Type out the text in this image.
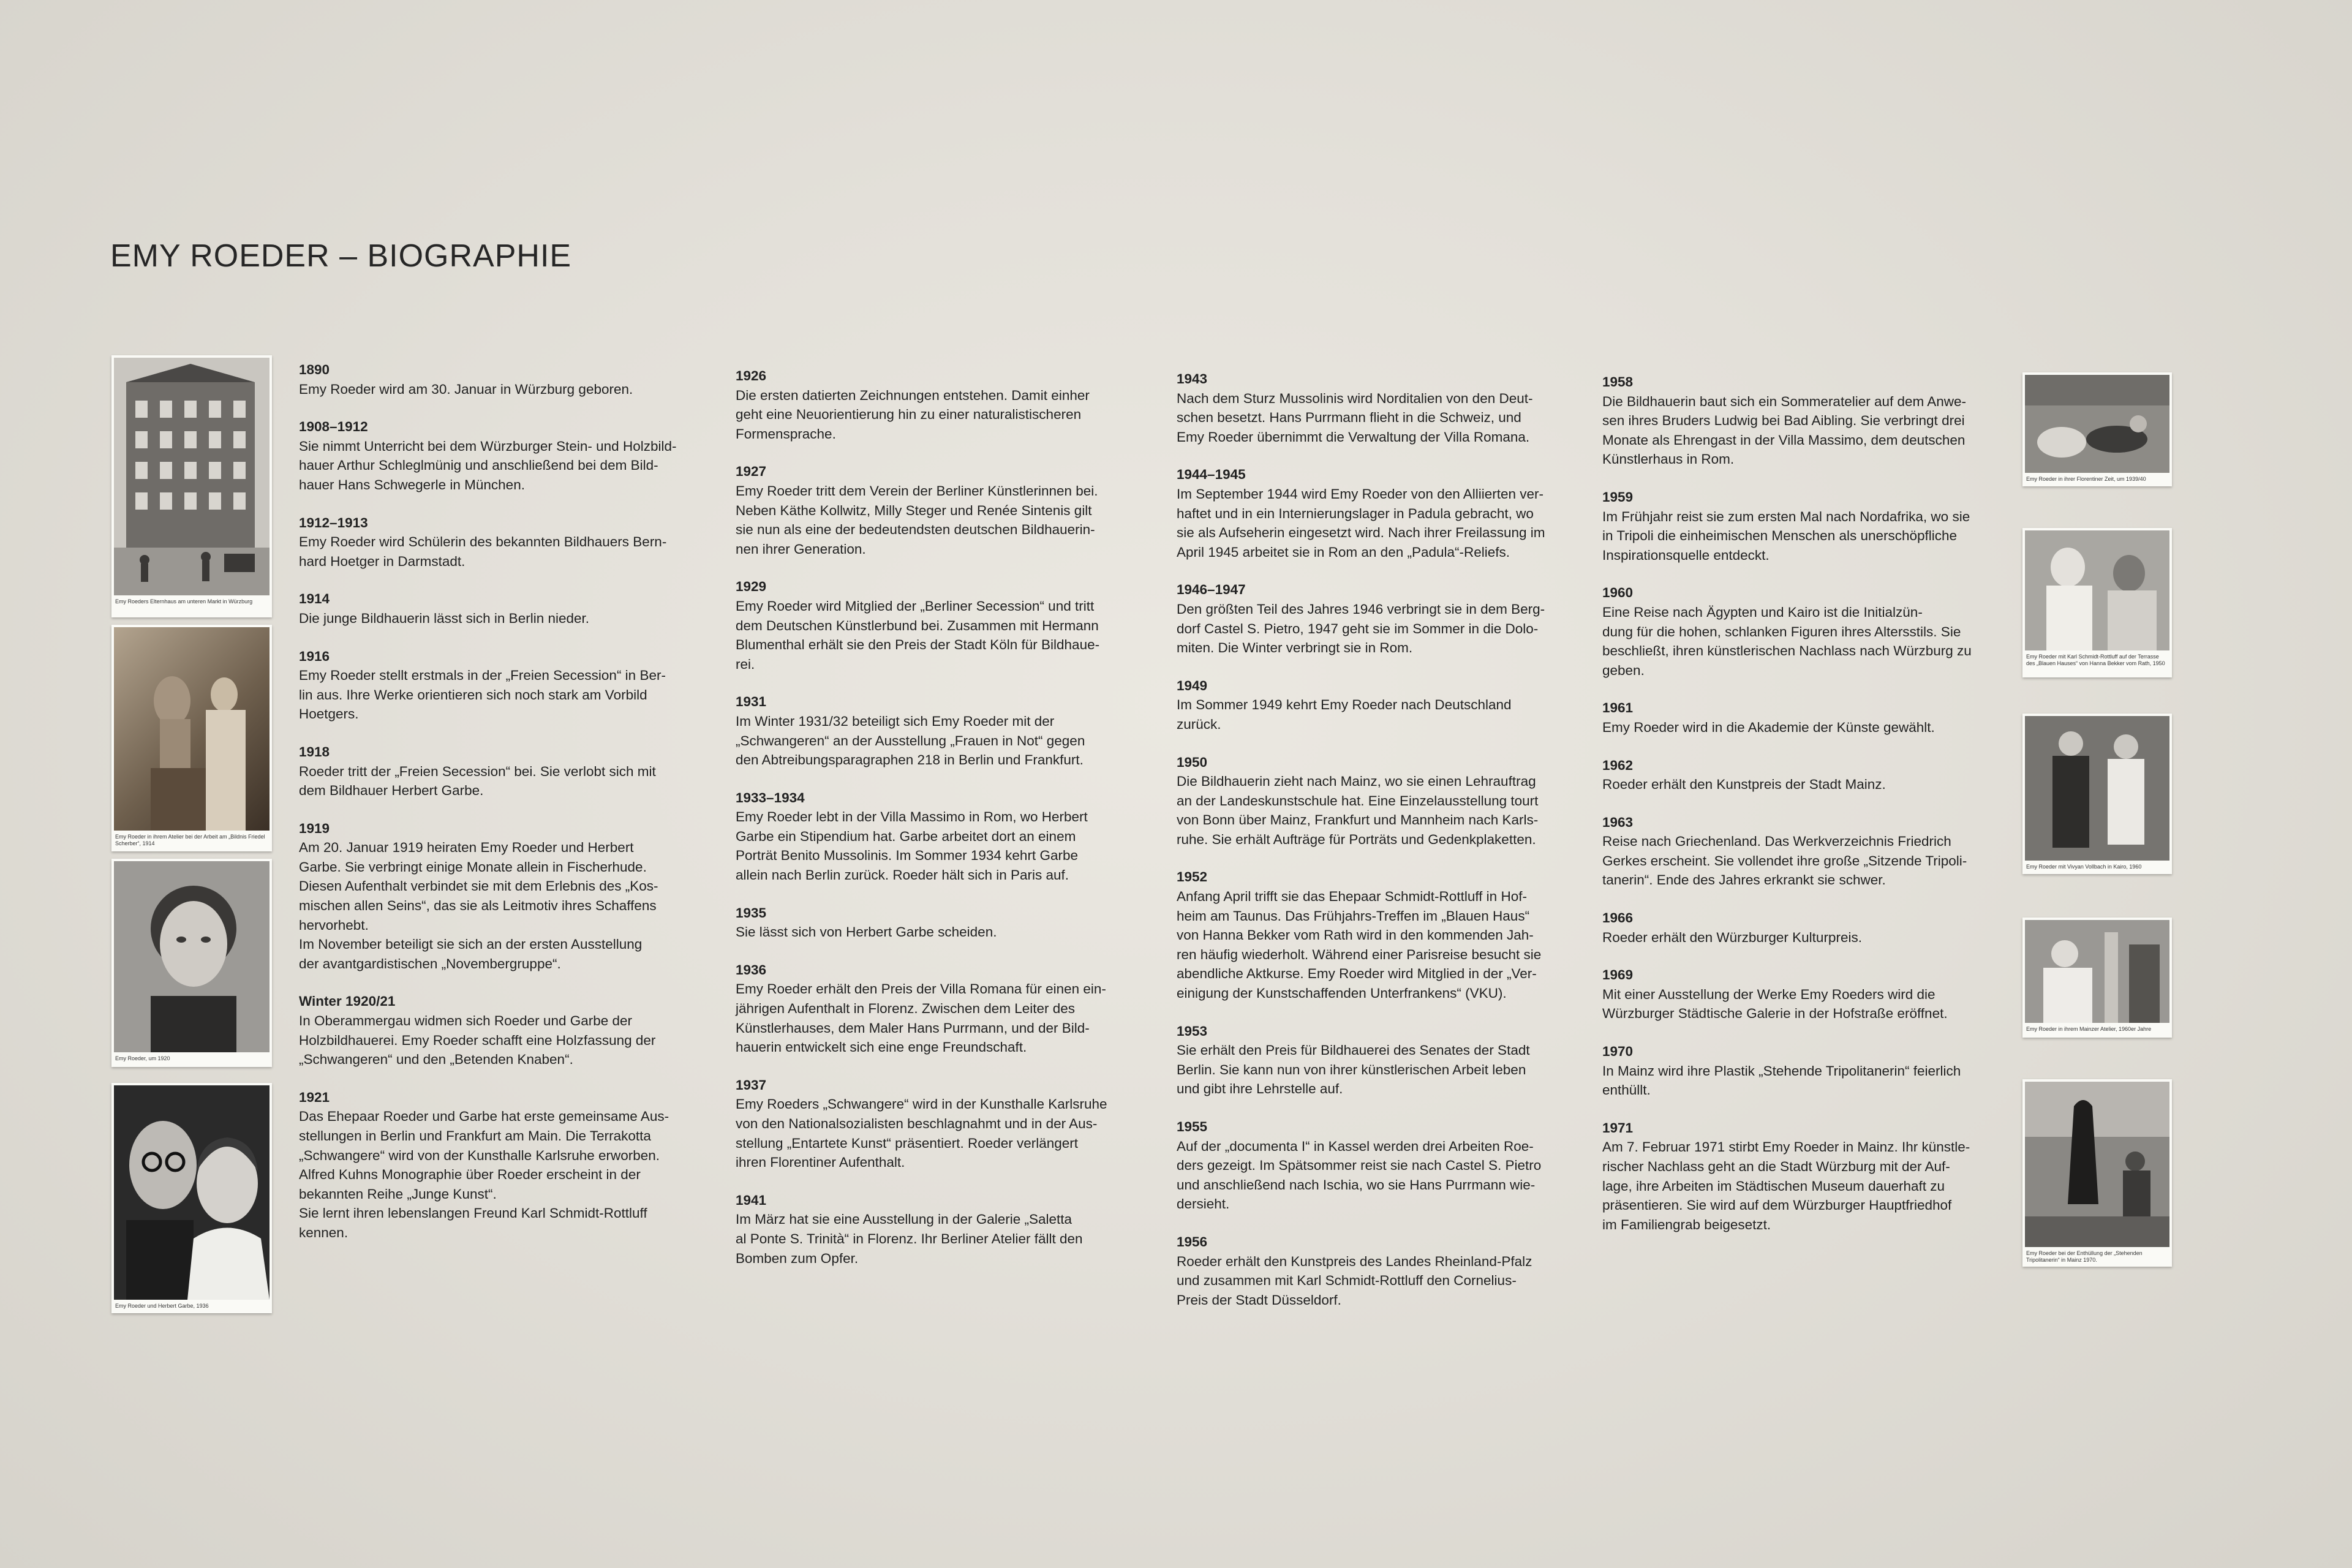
EMY ROEDER – BIOGRAPHIE
Emy Roeders Elternhaus am unteren Markt in Würzburg
Emy Roeder in ihrem Atelier bei der Arbeit am „Bildnis Friedel Scherber“, 1914
Emy Roeder, um 1920
Emy Roeder und Herbert Garbe, 1936
1890
Emy Roeder wird am 30. Januar in Würzburg geboren.
1908–1912
Sie nimmt Unterricht bei dem Würzburger Stein- und Holzbild-
hauer Arthur Schleglmünig und anschließend bei dem Bild-
hauer Hans Schwegerle in München.
1912–1913
Emy Roeder wird Schülerin des bekannten Bildhauers Bern-
hard Hoetger in Darmstadt.
1914
Die junge Bildhauerin lässt sich in Berlin nieder.
1916
Emy Roeder stellt erstmals in der „Freien Secession“ in Ber-
lin aus. Ihre Werke orientieren sich noch stark am Vorbild
Hoetgers.
1918
Roeder tritt der „Freien Secession“ bei. Sie verlobt sich mit
dem Bildhauer Herbert Garbe.
1919
Am 20. Januar 1919 heiraten Emy Roeder und Herbert
Garbe. Sie verbringt einige Monate allein in Fischerhude.
Diesen Aufenthalt verbindet sie mit dem Erlebnis des „Kos-
mischen allen Seins“, das sie als Leitmotiv ihres Schaffens
hervorhebt.
Im November beteiligt sie sich an der ersten Ausstellung
der avantgardistischen „Novembergruppe“.
Winter 1920/21
In Oberammergau widmen sich Roeder und Garbe der
Holzbildhauerei. Emy Roeder schafft eine Holzfassung der
„Schwangeren“ und den „Betenden Knaben“.
1921
Das Ehepaar Roeder und Garbe hat erste gemeinsame Aus-
stellungen in Berlin und Frankfurt am Main. Die Terrakotta
„Schwangere“ wird von der Kunsthalle Karlsruhe erworben.
Alfred Kuhns Monographie über Roeder erscheint in der
bekannten Reihe „Junge Kunst“.
Sie lernt ihren lebenslangen Freund Karl Schmidt-Rottluff
kennen.
1926
Die ersten datierten Zeichnungen entstehen. Damit einher
geht eine Neuorientierung hin zu einer naturalistischeren
Formensprache.
1927
Emy Roeder tritt dem Verein der Berliner Künstlerinnen bei.
Neben Käthe Kollwitz, Milly Steger und Renée Sintenis gilt
sie nun als eine der bedeutendsten deutschen Bildhauerin-
nen ihrer Generation.
1929
Emy Roeder wird Mitglied der „Berliner Secession“ und tritt
dem Deutschen Künstlerbund bei. Zusammen mit Hermann
Blumenthal erhält sie den Preis der Stadt Köln für Bildhaue-
rei.
1931
Im Winter 1931/32 beteiligt sich Emy Roeder mit der
„Schwangeren“ an der Ausstellung „Frauen in Not“ gegen
den Abtreibungsparagraphen 218 in Berlin und Frankfurt.
1933–1934
Emy Roeder lebt in der Villa Massimo in Rom, wo Herbert
Garbe ein Stipendium hat. Garbe arbeitet dort an einem
Porträt Benito Mussolinis. Im Sommer 1934 kehrt Garbe
allein nach Berlin zurück. Roeder hält sich in Paris auf.
1935
Sie lässt sich von Herbert Garbe scheiden.
1936
Emy Roeder erhält den Preis der Villa Romana für einen ein-
jährigen Aufenthalt in Florenz. Zwischen dem Leiter des
Künstlerhauses, dem Maler Hans Purrmann, und der Bild-
hauerin entwickelt sich eine enge Freundschaft.
1937
Emy Roeders „Schwangere“ wird in der Kunsthalle Karlsruhe
von den Nationalsozialisten beschlagnahmt und in der Aus-
stellung „Entartete Kunst“ präsentiert. Roeder verlängert
ihren Florentiner Aufenthalt.
1941
Im März hat sie eine Ausstellung in der Galerie „Saletta
al Ponte S. Trinità“ in Florenz. Ihr Berliner Atelier fällt den
Bomben zum Opfer.
1943
Nach dem Sturz Mussolinis wird Norditalien von den Deut-
schen besetzt. Hans Purrmann flieht in die Schweiz, und
Emy Roeder übernimmt die Verwaltung der Villa Romana.
1944–1945
Im September 1944 wird Emy Roeder von den Alliierten ver-
haftet und in ein Internierungslager in Padula gebracht, wo
sie als Aufseherin eingesetzt wird. Nach ihrer Freilassung im
April 1945 arbeitet sie in Rom an den „Padula“-Reliefs.
1946–1947
Den größten Teil des Jahres 1946 verbringt sie in dem Berg-
dorf Castel S. Pietro, 1947 geht sie im Sommer in die Dolo-
miten. Die Winter verbringt sie in Rom.
1949
Im Sommer 1949 kehrt Emy Roeder nach Deutschland
zurück.
1950
Die Bildhauerin zieht nach Mainz, wo sie einen Lehrauftrag
an der Landeskunstschule hat. Eine Einzelausstellung tourt
von Bonn über Mainz, Frankfurt und Mannheim nach Karls-
ruhe. Sie erhält Aufträge für Porträts und Gedenkplaketten.
1952
Anfang April trifft sie das Ehepaar Schmidt-Rottluff in Hof-
heim am Taunus. Das Frühjahrs-Treffen im „Blauen Haus“
von Hanna Bekker vom Rath wird in den kommenden Jah-
ren häufig wiederholt. Während einer Parisreise besucht sie
abendliche Aktkurse. Emy Roeder wird Mitglied in der „Ver-
einigung der Kunstschaffenden Unterfrankens“ (VKU).
1953
Sie erhält den Preis für Bildhauerei des Senates der Stadt
Berlin. Sie kann nun von ihrer künstlerischen Arbeit leben
und gibt ihre Lehrstelle auf.
1955
Auf der „documenta I“ in Kassel werden drei Arbeiten Roe-
ders gezeigt. Im Spätsommer reist sie nach Castel S. Pietro
und anschließend nach Ischia, wo sie Hans Purrmann wie-
dersieht.
1956
Roeder erhält den Kunstpreis des Landes Rheinland-Pfalz
und zusammen mit Karl Schmidt-Rottluff den Cornelius-
Preis der Stadt Düsseldorf.
1958
Die Bildhauerin baut sich ein Sommeratelier auf dem Anwe-
sen ihres Bruders Ludwig bei Bad Aibling. Sie verbringt drei
Monate als Ehrengast in der Villa Massimo, dem deutschen
Künstlerhaus in Rom.
1959
Im Frühjahr reist sie zum ersten Mal nach Nordafrika, wo sie
in Tripoli die einheimischen Menschen als unerschöpfliche
Inspirationsquelle entdeckt.
1960
Eine Reise nach Ägypten und Kairo ist die Initialzün-
dung für die hohen, schlanken Figuren ihres Altersstils. Sie
beschließt, ihren künstlerischen Nachlass nach Würzburg zu
geben.
1961
Emy Roeder wird in die Akademie der Künste gewählt.
1962
Roeder erhält den Kunstpreis der Stadt Mainz.
1963
Reise nach Griechenland. Das Werkverzeichnis Friedrich
Gerkes erscheint. Sie vollendet ihre große „Sitzende Tripoli-
tanerin“. Ende des Jahres erkrankt sie schwer.
1966
Roeder erhält den Würzburger Kulturpreis.
1969
Mit einer Ausstellung der Werke Emy Roeders wird die
Würzburger Städtische Galerie in der Hofstraße eröffnet.
1970
In Mainz wird ihre Plastik „Stehende Tripolitanerin“ feierlich
enthüllt.
1971
Am 7. Februar 1971 stirbt Emy Roeder in Mainz. Ihr künstle-
rischer Nachlass geht an die Stadt Würzburg mit der Auf-
lage, ihre Arbeiten im Städtischen Museum dauerhaft zu
präsentieren. Sie wird auf dem Würzburger Hauptfriedhof
im Familiengrab beigesetzt.
Emy Roeder in ihrer Florentiner Zeit, um 1939/40
Emy Roeder mit Karl Schmidt-Rottluff auf der Terrasse des „Blauen Hauses“ von Hanna Bekker vom Rath, 1950
Emy Roeder mit Vivyan Vollbach in Kairo, 1960
Emy Roeder in ihrem Mainzer Atelier, 1960er Jahre
Emy Roeder bei der Enthüllung der „Stehenden Tripolitanerin“ in Mainz 1970.
